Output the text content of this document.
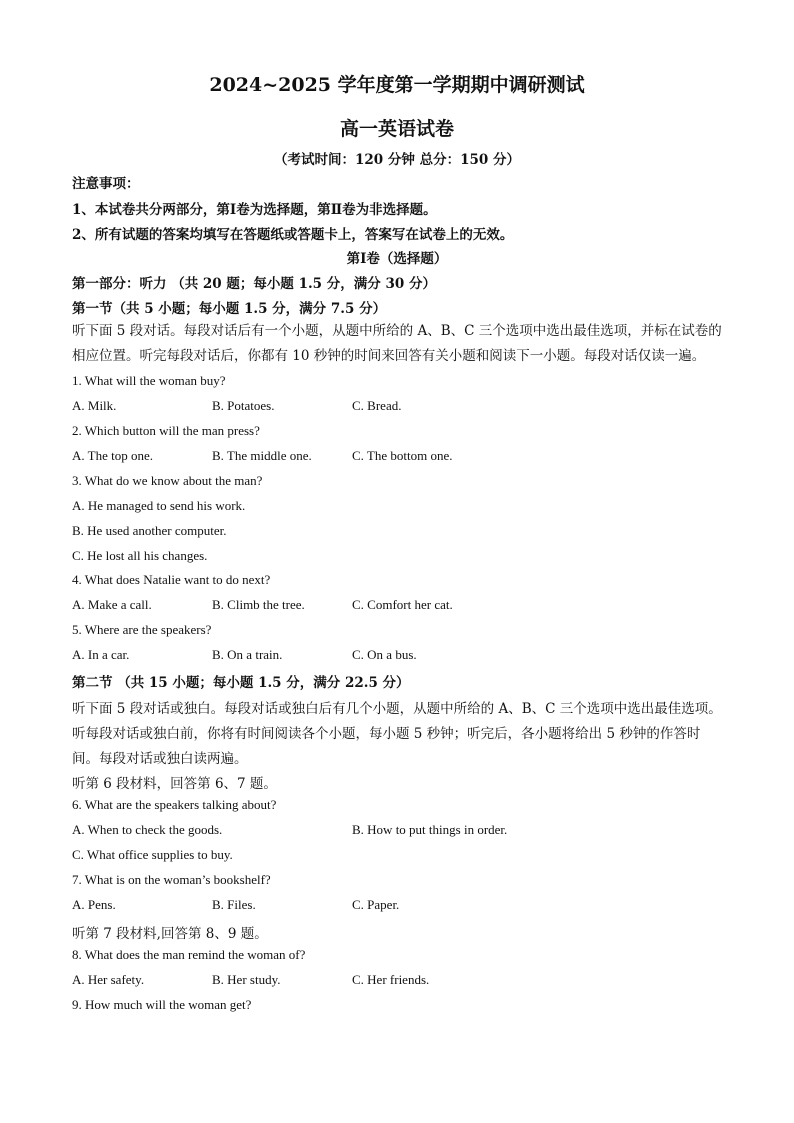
2024~2025 学年度第一学期期中调研测试
高一英语试卷
（考试时间：120 分钟 总分：150 分）
注意事项：
1、本试卷共分两部分，第Ⅰ卷为选择题，第Ⅱ卷为非选择题。
2、所有试题的答案均填写在答题纸或答题卡上，答案写在试卷上的无效。
第Ⅰ卷（选择题）
第一部分：听力 （共 20 题；每小题 1.5 分，满分 30 分）
第一节（共 5 小题；每小题 1.5 分，满分 7.5 分）
听下面 5 段对话。每段对话后有一个小题，从题中所给的 A、B、C 三个选项中选出最佳选项，并标在试卷的相应位置。听完每段对话后，你都有 10 秒钟的时间来回答有关小题和阅读下一小题。每段对话仅读一遍。
1. What will the woman buy?
A. Milk.	B. Potatoes.	C. Bread.
2. Which button will the man press?
A. The top one.	B. The middle one.	C. The bottom one.
3. What do we know about the man?
A. He managed to send his work.
B. He used another computer.
C. He lost all his changes.
4. What does Natalie want to do next?
A. Make a call.	B. Climb the tree.	C. Comfort her cat.
5. Where are the speakers?
A. In a car.	B. On a train.	C. On a bus.
第二节 （共 15 小题；每小题 1.5 分，满分 22.5 分）
听下面 5 段对话或独白。每段对话或独白后有几个小题，从题中所给的 A、B、C 三个选项中选出最佳选项。
听每段对话或独白前，你将有时间阅读各个小题，每小题 5 秒钟；听完后，各小题将给出 5 秒钟的作答时
间。每段对话或独白读两遍。
听第 6 段材料，回答第 6、7 题。
6. What are the speakers talking about?
A. When to check the goods.	B. How to put things in order.
C. What office supplies to buy.
7. What is on the woman’s bookshelf?
A. Pens.	B. Files.	C. Paper.
听第 7 段材料,回答第 8、9 题。
8. What does the man remind the woman of?
A. Her safety.	B. Her study.	C. Her friends.
9. How much will the woman get?
